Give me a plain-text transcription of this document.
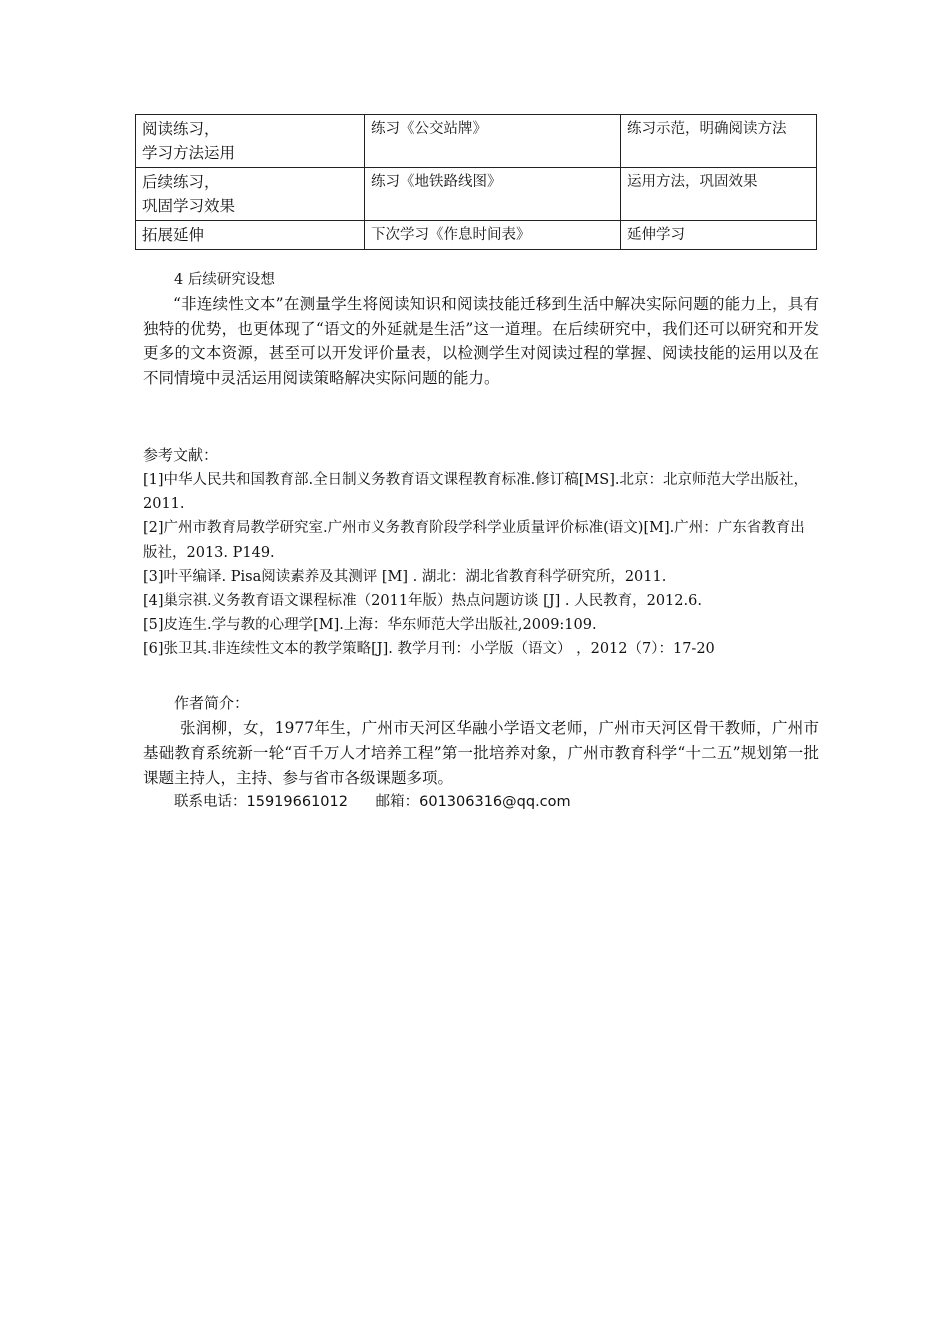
阅读练习，
学习方法运用	练习《公交站牌》	练习示范，明确阅读方法
后续练习，
巩固学习效果	练习《地铁路线图》	运用方法，巩固效果
拓展延伸	下次学习《作息时间表》	延伸学习
4 后续研究设想
“非连续性文本”在测量学生将阅读知识和阅读技能迁移到生活中解决实际问题的能力上，具有独特的优势，也更体现了“语文的外延就是生活”这一道理。在后续研究中，我们还可以研究和开发更多的文本资源，甚至可以开发评价量表，以检测学生对阅读过程的掌握、阅读技能的运用以及在不同情境中灵活运用阅读策略解决实际问题的能力。
参考文献：

[1]中华人民共和国教育部.全日制义务教育语文课程教育标准.修订稿[MS].北京：北京师范大学出版社，2011.

[2]广州市教育局教学研究室.广州市义务教育阶段学科学业质量评价标准(语文)[M].广州：广东省教育出版社，2013. P149.

[3]叶平编译. Pisa阅读素养及其测评 [M] . 湖北：湖北省教育科学研究所，2011.

[4]巢宗祺.义务教育语文课程标准（2011年版）热点问题访谈 [J] . 人民教育，2012.6.

[5]皮连生.学与教的心理学[M].上海：华东师范大学出版社,2009:109.

[6]张卫其.非连续性文本的教学策略[J]. 教学月刊：小学版（语文） ，2012（7）：17-20

作者简介：
张润柳，女，1977年生，广州市天河区华融小学语文老师，广州市天河区骨干教师，广州市基础教育系统新一轮“百千万人才培养工程”第一批培养对象，广州市教育科学“十二五”规划第一批课题主持人，主持、参与省市各级课题多项。
联系电话：15919661012      邮箱：601306316@qq.com
